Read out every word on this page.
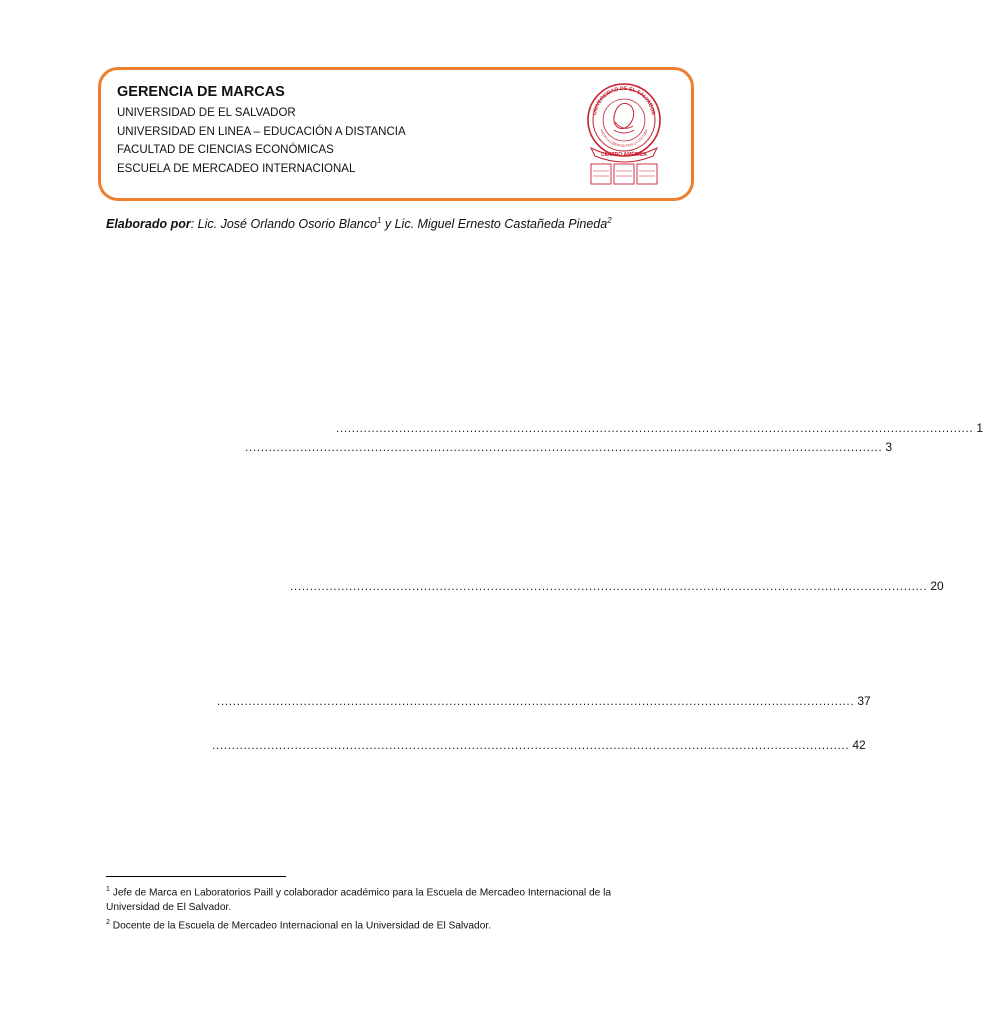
GERENCIA DE MARCAS
UNIVERSIDAD DE EL SALVADOR
UNIVERSIDAD EN LINEA – EDUCACIÓN A DISTANCIA
FACULTAD DE CIENCIAS ECONÓMICAS
ESCUELA DE MERCADEO INTERNACIONAL
UNIVERSIDAD DE EL SALVADOR
HACIA LA LIBERTAD POR LA CULTURA
CENTRO AMÉRICA
Elaborado por: Lic. José Orlando Osorio Blanco$^1$ y Lic. Miguel Ernesto Castañeda Pineda$^2$
.................................................................................................................................................................. 1
.................................................................................................................................................................. 3
.................................................................................................................................................................. 20
.................................................................................................................................................................. 37
.................................................................................................................................................................. 42
$^1$ Jefe de Marca en Laboratorios Paill y colaborador académico para la Escuela de Mercadeo Internacional de la Universidad de El Salvador.
$^2$ Docente de la Escuela de Mercadeo Internacional en la Universidad de El Salvador.
